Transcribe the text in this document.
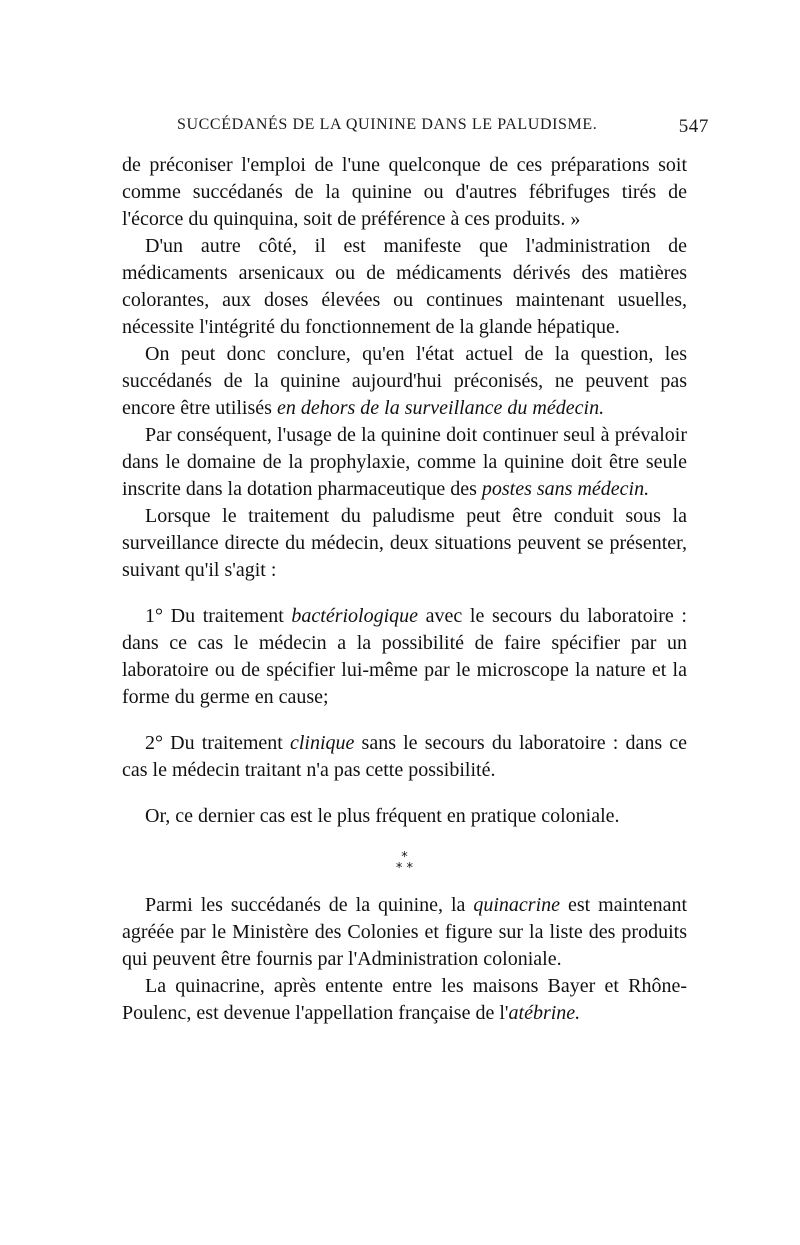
SUCCÉDANÉS DE LA QUININE DANS LE PALUDISME.	547

de préconiser l'emploi de l'une quelconque de ces préparations soit comme succédanés de la quinine ou d'autres fébrifuges tirés de l'écorce du quinquina, soit de préférence à ces produits. »

D'un autre côté, il est manifeste que l'administration de médicaments arsenicaux ou de médicaments dérivés des matières colorantes, aux doses élevées ou continues maintenant usuelles, nécessite l'intégrité du fonctionnement de la glande hépatique.

On peut donc conclure, qu'en l'état actuel de la question, les succédanés de la quinine aujourd'hui préconisés, ne peuvent pas encore être utilisés en dehors de la surveillance du médecin.

Par conséquent, l'usage de la quinine doit continuer seul à prévaloir dans le domaine de la prophylaxie, comme la quinine doit être seule inscrite dans la dotation pharmaceutique des postes sans médecin.

Lorsque le traitement du paludisme peut être conduit sous la surveillance directe du médecin, deux situations peuvent se présenter, suivant qu'il s'agit :

1° Du traitement bactériologique avec le secours du laboratoire : dans ce cas le médecin a la possibilité de faire spécifier par un laboratoire ou de spécifier lui-même par le microscope la nature et la forme du germe en cause;

2° Du traitement clinique sans le secours du laboratoire : dans ce cas le médecin traitant n'a pas cette possibilité.

Or, ce dernier cas est le plus fréquent en pratique coloniale.

*
* *

Parmi les succédanés de la quinine, la quinacrine est maintenant agréée par le Ministère des Colonies et figure sur la liste des produits qui peuvent être fournis par l'Administration coloniale.

La quinacrine, après entente entre les maisons Bayer et Rhône-Poulenc, est devenue l'appellation française de l'atébrine.
